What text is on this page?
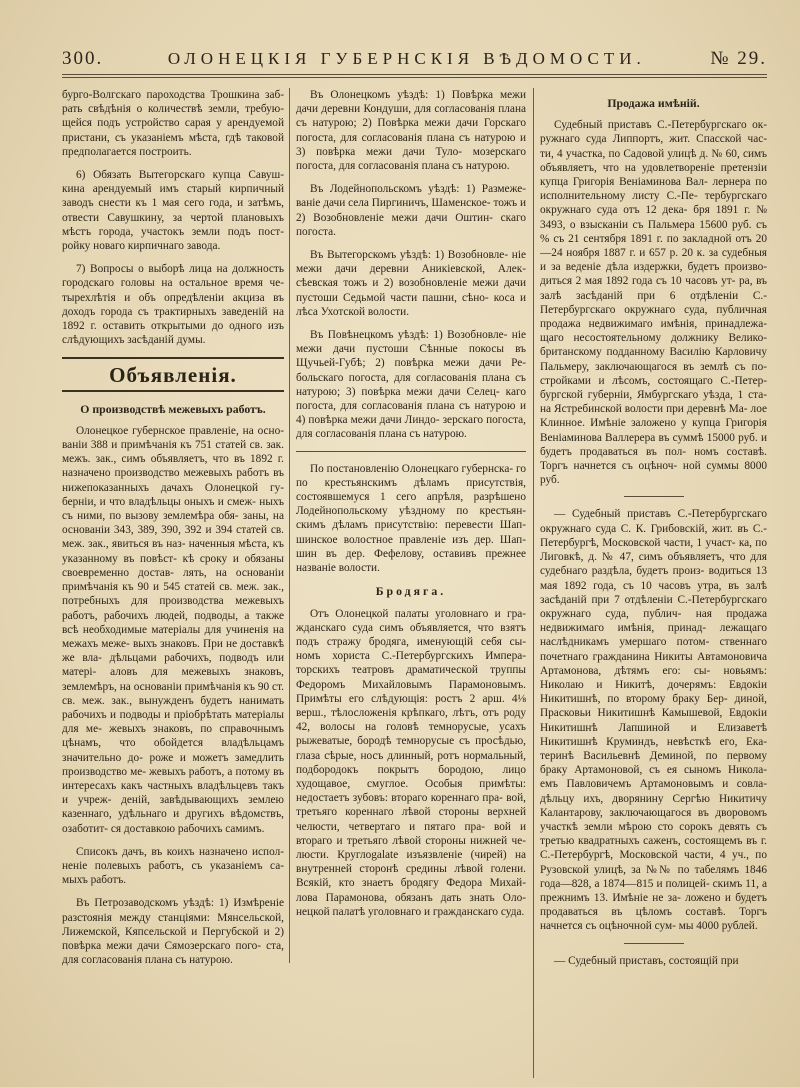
300.	ОЛОНЕЦКІЯ ГУБЕРНСКІЯ ВѢДОМОСТИ.	№ 29.

бурго-Волгскаго пароходства Трошкина заб- рать свѣдѣнія о количествѣ земли, требую- щейся подъ устройство сарая у арендуемой пристани, съ указаніемъ мѣста, гдѣ таковой предполагается построить.

6) Обязать Вытегорскаго купца Савуш- кина арендуемый имъ старый кирпичный заводъ снести къ 1 мая сего года, и затѣмъ, отвести Савушкину, за чертой плановыхъ мѣстъ города, участокъ земли подъ пост- ройку новаго кирпичнаго завода.

7) Вопросы о выборѣ лица на должность городскаго головы на остальное время че- тырехлѣтія и объ опредѣленіи акциза въ доходъ города съ трактирныхъ заведеній на 1892 г. оставить открытыми до одного изъ слѣдующихъ засѣданій думы.

Объявленія.

О производствѣ межевыхъ работъ.

Олонецкое губернское правленіе, на осно- ваніи 388 и примѣчанія къ 751 статей св. зак. межъ. зак., симъ объявляетъ, что въ 1892 г. назначено производство межевыхъ работъ въ нижепоказанныхъ дачахъ Олонецкой гу- берніи, и что владѣльцы оныхъ и смеж- ныхъ съ ними, по вызову землемѣра обя- заны, на основаніи 343, 389, 390, 392 и 394 статей св. меж. зак., явиться въ наз- наченныя мѣста, къ указанному въ повѣст- кѣ сроку и обязаны своевременно достав- лять, на основаніи примѣчанія къ 90 и 545 статей св. меж. зак., потребныхъ для производства межевыхъ работъ, рабочихъ людей, подводы, а также всѣ необходимые матеріалы для учиненія на межахъ меже- выхъ знаковъ. При не доставкѣ же вла- дѣльцами рабочихъ, подводъ или матері- аловъ для межевыхъ знаковъ, землемѣръ, на основаніи примѣчанія къ 90 ст. св. меж. зак., вынужденъ будетъ нанимать рабочихъ и подводы и пріобрѣтать матеріалы для ме- жевыхъ знаковъ, по справочнымъ цѣнамъ, что обойдется владѣльцамъ значительно до- роже и можетъ замедлить производство ме- жевыхъ работъ, а потому въ интересахъ какъ частныхъ владѣльцевъ такъ и учреж- деній, завѣдывающихъ землею казеннаго, удѣльнаго и другихъ вѣдомствъ, озаботит- ся доставкою рабочихъ самимъ.

Списокъ дачъ, въ коихъ назначено испол- неніе полевыхъ работъ, съ указаніемъ са- мыхъ работъ.

Въ Петрозаводскомъ уѣздѣ: 1) Измѣреніе разстоянія между станціями: Мянсельской, Лижемской, Кяпсельской и Пергубской и 2) повѣрка межи дачи Сямозерскаго пого- ста, для согласованія плана съ натурою.

Въ Олонецкомъ уѣздѣ: 1) Повѣрка межи дачи деревни Кондуши, для согласованія плана съ натурою; 2) Повѣрка межи дачи Горскаго погоста, для согласованія плана съ натурою и 3) повѣрка межи дачи Туло- мозерскаго погоста, для согласованія плана съ натурою.

Въ Лодейнопольскомъ уѣздѣ: 1) Размеже- ваніе дачи села Пиргиничъ, Шаменское- тожъ и 2) Возобновленіе межи дачи Оштин- скаго погоста.

Въ Вытегорскомъ уѣздѣ: 1) Возобновле- ніе межи дачи деревни Аникіевской, Алек- сѣевская тожъ и 2) возобновленіе межи дачи пустоши Седьмой части пашни, сѣно- коса и лѣса Ухотской волости.

Въ Повѣнецкомъ уѣздѣ: 1) Возобновле- ніе межи дачи пустоши Сѣнные покосы въ Щучьей-Губѣ; 2) повѣрка межи дачи Ре- больскаго погоста, для согласованія плана съ натурою; 3) повѣрка межи дачи Селец- каго погоста, для согласованія плана съ натурою и 4) повѣрка межи дачи Линдо- зерскаго погоста, для согласованія плана съ натурою.

По постановленію Олонецкаго губернска- го по крестьянскимъ дѣламъ присутствія, состоявшемуся 1 сего апрѣля, разрѣшено Лодейнопольскому уѣздному по крестьян- скимъ дѣламъ присутствію: перевести Шап- шинское волостное правленіе изъ дер. Шап- шин въ дер. Фефелову, оставивъ прежнее названіе волости.

Бродяга.

Отъ Олонецкой палаты уголовнаго и гра- жданскаго суда симъ объявляется, что взятъ подъ стражу бродяга, именующій себя сы- номъ хориста С.-Петербургскихъ Импера- торскихъ театровъ драматической труппы Федоромъ Михайловымъ Парамоновымъ. Примѣты его слѣдующія: ростъ 2 арш. 4⅛ верш., тѣлосложенія крѣпкаго, лѣтъ, отъ роду 42, волосы на головѣ темнорусые, усахъ рыжеватые, бородѣ темнорусые съ просѣдью, глаза сѣрые, носъ длинный, ротъ нормальный, подбородокъ покрытъ бородою, лицо худощавое, смуглое. Особыя примѣты: недостаетъ зубовъ: втораго кореннаго пра- вой, третьяго кореннаго лѣвой стороны верхней челюсти, четвертаго и пятаго пра- вой и втораго и третьяго лѣвой стороны нижней че- люсти. Круглоgalatе изъязвленіе (чирей) на внутренней сторонѣ средины лѣвой голени. Всякій, кто знаетъ бродягу Федора Михай- лова Парамонова, обязанъ дать знать Оло- нецкой палатѣ уголовнаго и гражданскаго суда.

Продажа имѣній.

Судебный приставъ С.-Петербургскаго ок- ружнаго суда Липпортъ, жит. Спасской час- ти, 4 участка, по Садовой улицѣ д. № 60, симъ объявляетъ, что на удовлетвореніе претензіи купца Григорія Веніаминова Вал- лернера по исполнительному листу С.-Пе- тербургскаго окружнаго суда отъ 12 дека- бря 1891 г. № 3493, о взысканіи съ Пальмера 15600 руб. съ % съ 21 сентября 1891 г. по закладной отъ 20—24 ноября 1887 г. и 657 р. 20 к. за судебныя и за веденіе дѣла издержки, будетъ произво- диться 2 мая 1892 года съ 10 часовъ ут- ра, въ залѣ засѣданій при 6 отдѣленіи С.- Петербургскаго окружнаго суда, публичная продажа недвижимаго имѣнія, принадлежа- щаго несостоятельному должнику Велико- британскому подданному Василію Карловичу Пальмеру, заключающагося въ землѣ съ по- стройками и лѣсомъ, состоящаго С.-Петер- бургской губерніи, Ямбургскаго уѣзда, 1 ста- на Ястребинской волости при деревнѣ Ма- лое Клинное. Имѣніе заложено у купца Григорія Веніаминова Валлерера въ суммѣ 15000 руб. и будетъ продаваться въ пол- номъ составѣ. Торгъ начнется съ оцѣноч- ной суммы 8000 руб.

— Судебный приставъ С.-Петербургскаго окружнаго суда С. К. Грибовскій, жит. въ С.-Петербургѣ, Московской части, 1 участ- ка, по Лиговкѣ, д. № 47, симъ объявляетъ, что для судебнаго раздѣла, будетъ произ- водиться 13 мая 1892 года, съ 10 часовъ утра, въ залѣ засѣданій при 7 отдѣленіи С.-Петербургскаго окружнаго суда, публич- ная продажа недвижимаго имѣнія, принад- лежащаго наслѣдникамъ умершаго потом- ственнаго почетнаго гражданина Никиты Автамоновича Артамонова, дѣтямъ его: сы- новьямъ: Николаю и Никитѣ, дочерямъ: Евдокіи Никитишнѣ, по второму браку Бер- диной, Прасковьи Никитишнѣ Камышевой, Евдокіи Никитишнѣ Лапшиной и Елизаветѣ Никитишнѣ Круминдъ, невѣсткѣ его, Ека- теринѣ Васильевнѣ Деминой, по первому браку Артамоновой, съ ея сыномъ Никола- емъ Павловичемъ Артамоновымъ и совла- дѣльцу ихъ, дворянину Сергѣю Никитичу Калантарову, заключающагося въ дворовомъ участкѣ земли мѣрою сто сорокъ девять съ третью квадратныхъ саженъ, состоящемъ въ г. С.-Петербургѣ, Московской части, 4 уч., по Рузовской улицѣ, за №№ по табелямъ 1846 года—828, а 1874—815 и полицей- скимъ 11, а прежнимъ 13. Имѣніе не за- ложено и будетъ продаваться въ цѣломъ составѣ. Торгъ начнется съ оцѣночной сум- мы 4000 рублей.

— Судебный приставъ, состоящій при
